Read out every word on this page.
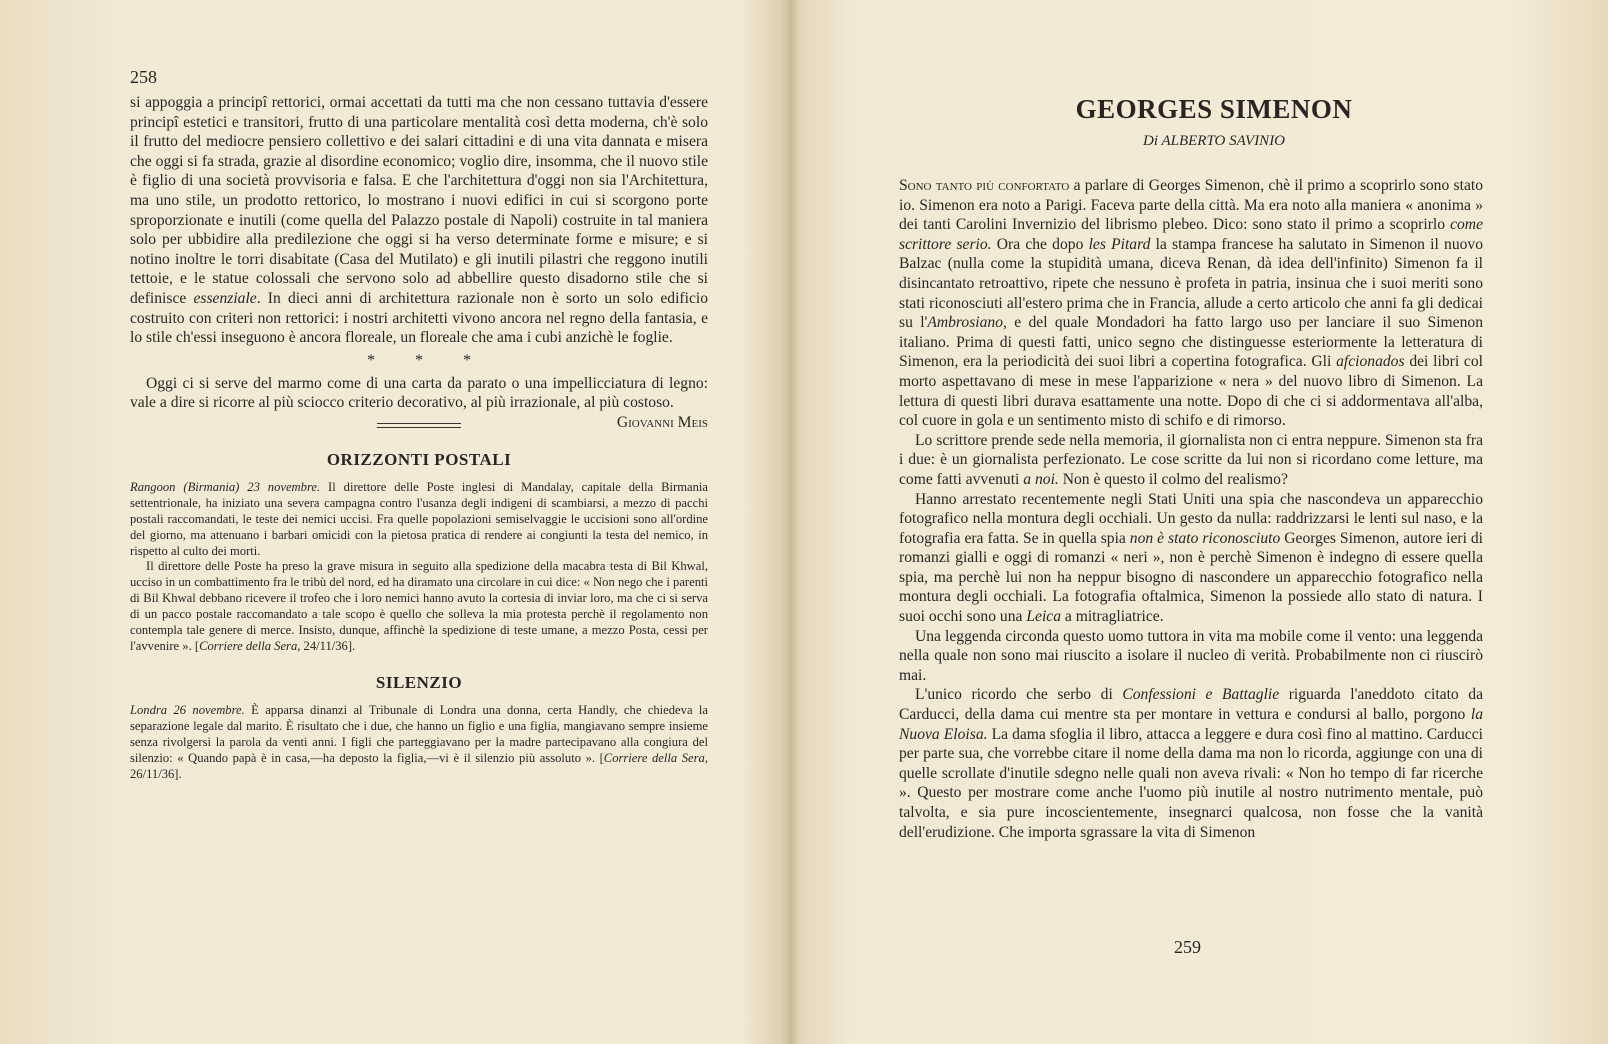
258

si appoggia a principî rettorici, ormai accettati da tutti ma che non cessano tuttavia d'essere principî estetici e transitori, frutto di una particolare mentalità così detta moderna, ch'è solo il frutto del mediocre pensiero collettivo e dei salari cittadini e di una vita dannata e misera che oggi si fa strada, grazie al disordine economico; voglio dire, insomma, che il nuovo stile è figlio di una società provvisoria e falsa. E che l'architettura d'oggi non sia l'Architettura, ma uno stile, un prodotto rettorico, lo mostrano i nuovi edifici in cui si scorgono porte sproporzionate e inutili (come quella del Palazzo postale di Napoli) costruite in tal maniera solo per ubbidire alla predilezione che oggi si ha verso determinate forme e misure; e si notino inoltre le torri disabitate (Casa del Mutilato) e gli inutili pilastri che reggono inutili tettoie, e le statue colossali che servono solo ad abbellire questo disadorno stile che si definisce essenziale. In dieci anni di architettura razionale non è sorto un solo edificio costruito con criteri non rettorici: i nostri architetti vivono ancora nel regno della fantasia, e lo stile ch'essi inseguono è ancora floreale, un floreale che ama i cubi anzichè le foglie.

* * *

Oggi ci si serve del marmo come di una carta da parato o una impellicciatura di legno: vale a dire si ricorre al più sciocco criterio decorativo, al più irrazionale, al più costoso.
Giovanni Meis

ORIZZONTI POSTALI

Rangoon (Birmania) 23 novembre. Il direttore delle Poste inglesi di Mandalay, capitale della Birmania settentrionale, ha iniziato una severa campagna contro l'usanza degli indigeni di scambiarsi, a mezzo di pacchi postali raccomandati, le teste dei nemici uccisi. Fra quelle popolazioni semiselvaggie le uccisioni sono all'ordine del giorno, ma attenuano i barbari omicidi con la pietosa pratica di rendere ai congiunti la testa del nemico, in rispetto al culto dei morti.

Il direttore delle Poste ha preso la grave misura in seguito alla spedizione della macabra testa di Bil Khwal, ucciso in un combattimento fra le tribù del nord, ed ha diramato una circolare in cui dice: « Non nego che i parenti di Bil Khwal debbano ricevere il trofeo che i loro nemici hanno avuto la cortesia di inviar loro, ma che ci si serva di un pacco postale raccomandato a tale scopo è quello che solleva la mia protesta perchè il regolamento non contempla tale genere di merce. Insisto, dunque, affinchè la spedizione di teste umane, a mezzo Posta, cessi per l'avvenire ». [Corriere della Sera, 24/11/36].

SILENZIO

Londra 26 novembre. È apparsa dinanzi al Tribunale di Londra una donna, certa Handly, che chiedeva la separazione legale dal marito. È risultato che i due, che hanno un figlio e una figlia, mangiavano sempre insieme senza rivolgersi la parola da venti anni. I figli che parteggiavano per la madre partecipavano alla congiura del silenzio: « Quando papà è in casa,—ha deposto la figlia,—vi è il silenzio più assoluto ». [Corriere della Sera, 26/11/36].

GEORGES SIMENON
Di ALBERTO SAVINIO

Sono tanto più confortato a parlare di Georges Simenon, chè il primo a scoprirlo sono stato io. Simenon era noto a Parigi. Faceva parte della città. Ma era noto alla maniera « anonima » dei tanti Carolini Invernizio del librismo plebeo. Dico: sono stato il primo a scoprirlo come scrittore serio. Ora che dopo les Pitard la stampa francese ha salutato in Simenon il nuovo Balzac (nulla come la stupidità umana, diceva Renan, dà idea dell'infinito) Simenon fa il disincantato retroattivo, ripete che nessuno è profeta in patria, insinua che i suoi meriti sono stati riconosciuti all'estero prima che in Francia, allude a certo articolo che anni fa gli dedicai su l'Ambrosiano, e del quale Mondadori ha fatto largo uso per lanciare il suo Simenon italiano. Prima di questi fatti, unico segno che distinguesse esteriormente la letteratura di Simenon, era la periodicità dei suoi libri a copertina fotografica. Gli afcionados dei libri col morto aspettavano di mese in mese l'apparizione « nera » del nuovo libro di Simenon. La lettura di questi libri durava esattamente una notte. Dopo di che ci si addormentava all'alba, col cuore in gola e un sentimento misto di schifo e di rimorso.

Lo scrittore prende sede nella memoria, il giornalista non ci entra neppure. Simenon sta fra i due: è un giornalista perfezionato. Le cose scritte da lui non si ricordano come letture, ma come fatti avvenuti a noi. Non è questo il colmo del realismo?

Hanno arrestato recentemente negli Stati Uniti una spia che nascondeva un apparecchio fotografico nella montura degli occhiali. Un gesto da nulla: raddrizzarsi le lenti sul naso, e la fotografia era fatta. Se in quella spia non è stato riconosciuto Georges Simenon, autore ieri di romanzi gialli e oggi di romanzi « neri », non è perchè Simenon è indegno di essere quella spia, ma perchè lui non ha neppur bisogno di nascondere un apparecchio fotografico nella montura degli occhiali. La fotografia oftalmica, Simenon la possiede allo stato di natura. I suoi occhi sono una Leica a mitragliatrice.

Una leggenda circonda questo uomo tuttora in vita ma mobile come il vento: una leggenda nella quale non sono mai riuscito a isolare il nucleo di verità. Probabilmente non ci riuscirò mai.

L'unico ricordo che serbo di Confessioni e Battaglie riguarda l'aneddoto citato da Carducci, della dama cui mentre sta per montare in vettura e condursi al ballo, porgono la Nuova Eloisa. La dama sfoglia il libro, attacca a leggere e dura così fino al mattino. Carducci per parte sua, che vorrebbe citare il nome della dama ma non lo ricorda, aggiunge con una di quelle scrollate d'inutile sdegno nelle quali non aveva rivali: « Non ho tempo di far ricerche ». Questo per mostrare come anche l'uomo più inutile al nostro nutrimento mentale, può talvolta, e sia pure incoscientemente, insegnarci qualcosa, non fosse che la vanità dell'erudizione. Che importa sgrassare la vita di Simenon

259
